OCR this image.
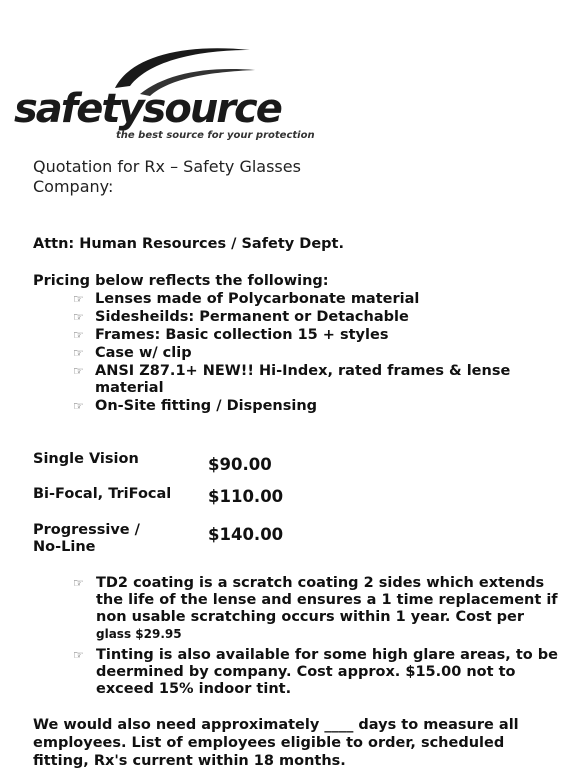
safetysource
the best source for your protection
Quotation for Rx – Safety Glasses
Company:
Attn: Human Resources / Safety Dept.
Pricing below reflects the following:
☞ Lenses made of Polycarbonate material
☞ Sidesheilds: Permanent or Detachable
☞ Frames: Basic collection 15 + styles
☞ Case w/ clip
☞ ANSI Z87.1+ NEW!! Hi-Index, rated frames & lense material
☞ On-Site fitting / Dispensing
Single Vision	$90.00
Bi-Focal, TriFocal $110.00
Progressive /
No-Line
$140.00
☞ TD2 coating is a scratch coating 2 sides which extends the life of the lense and ensures a 1 time replacement if non usable scratching occurs within 1 year. Cost per
glass $29.95
☞ Tinting is also available for some high glare areas, to be deermined by company. Cost approx. $15.00 not to exceed 15% indoor tint.
We would also need approximately ____ days to measure all employees. List of employees eligible to order, scheduled fitting, Rx's current within 18 months.
